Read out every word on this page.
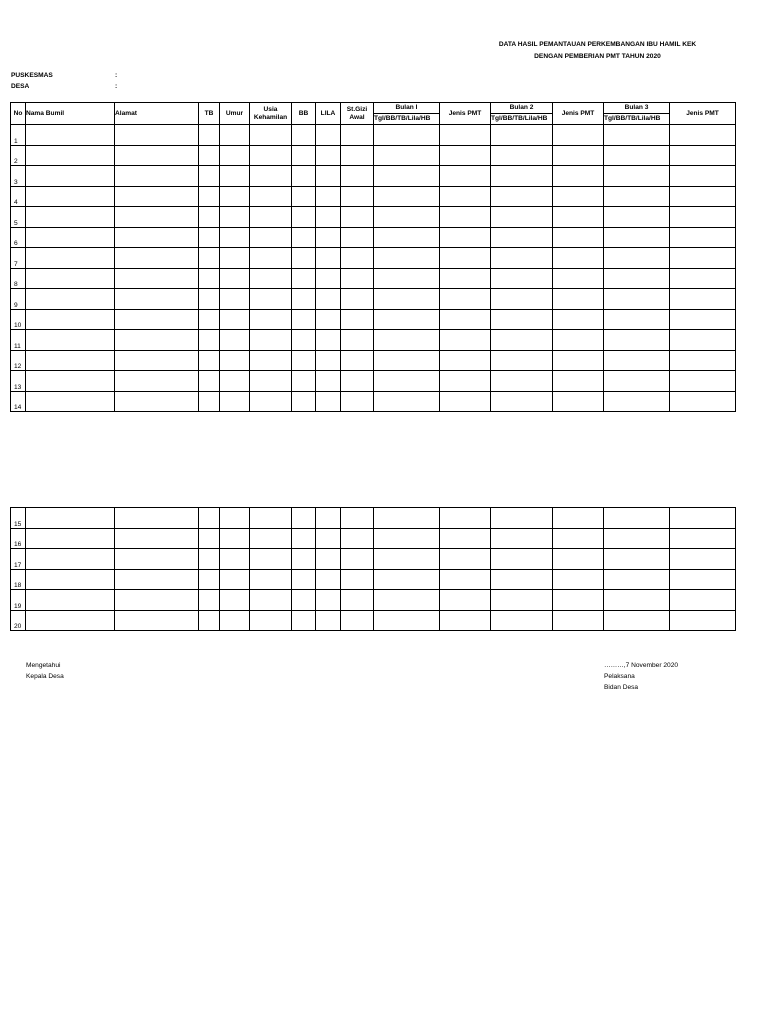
DATA HASIL PEMANTAUAN PERKEMBANGAN IBU HAMIL KEK
DENGAN PEMBERIAN PMT TAHUN 2020
PUSKESMAS	:
DESA	:
No	Nama Bumil	Alamat	TB	Umur	Usia Kehamilan	BB	LILA	St.Gizi Awal	Bulan I	Jenis PMT	Bulan 2	Jenis PMT	Bulan 3	Jenis PMT
									Tgl/BB/TB/Lila/HB		Tgl/BB/TB/Lila/HB		Tgl/BB/TB/Lila/HB	
1														
2														
3														
4														
5														
6														
7														
8														
9														
10														
11														
12														
13														
14														
15														
16														
17														
18														
19														
20														
Mengetahui
Kepala Desa
………,7 November 2020
Pelaksana
Bidan Desa
